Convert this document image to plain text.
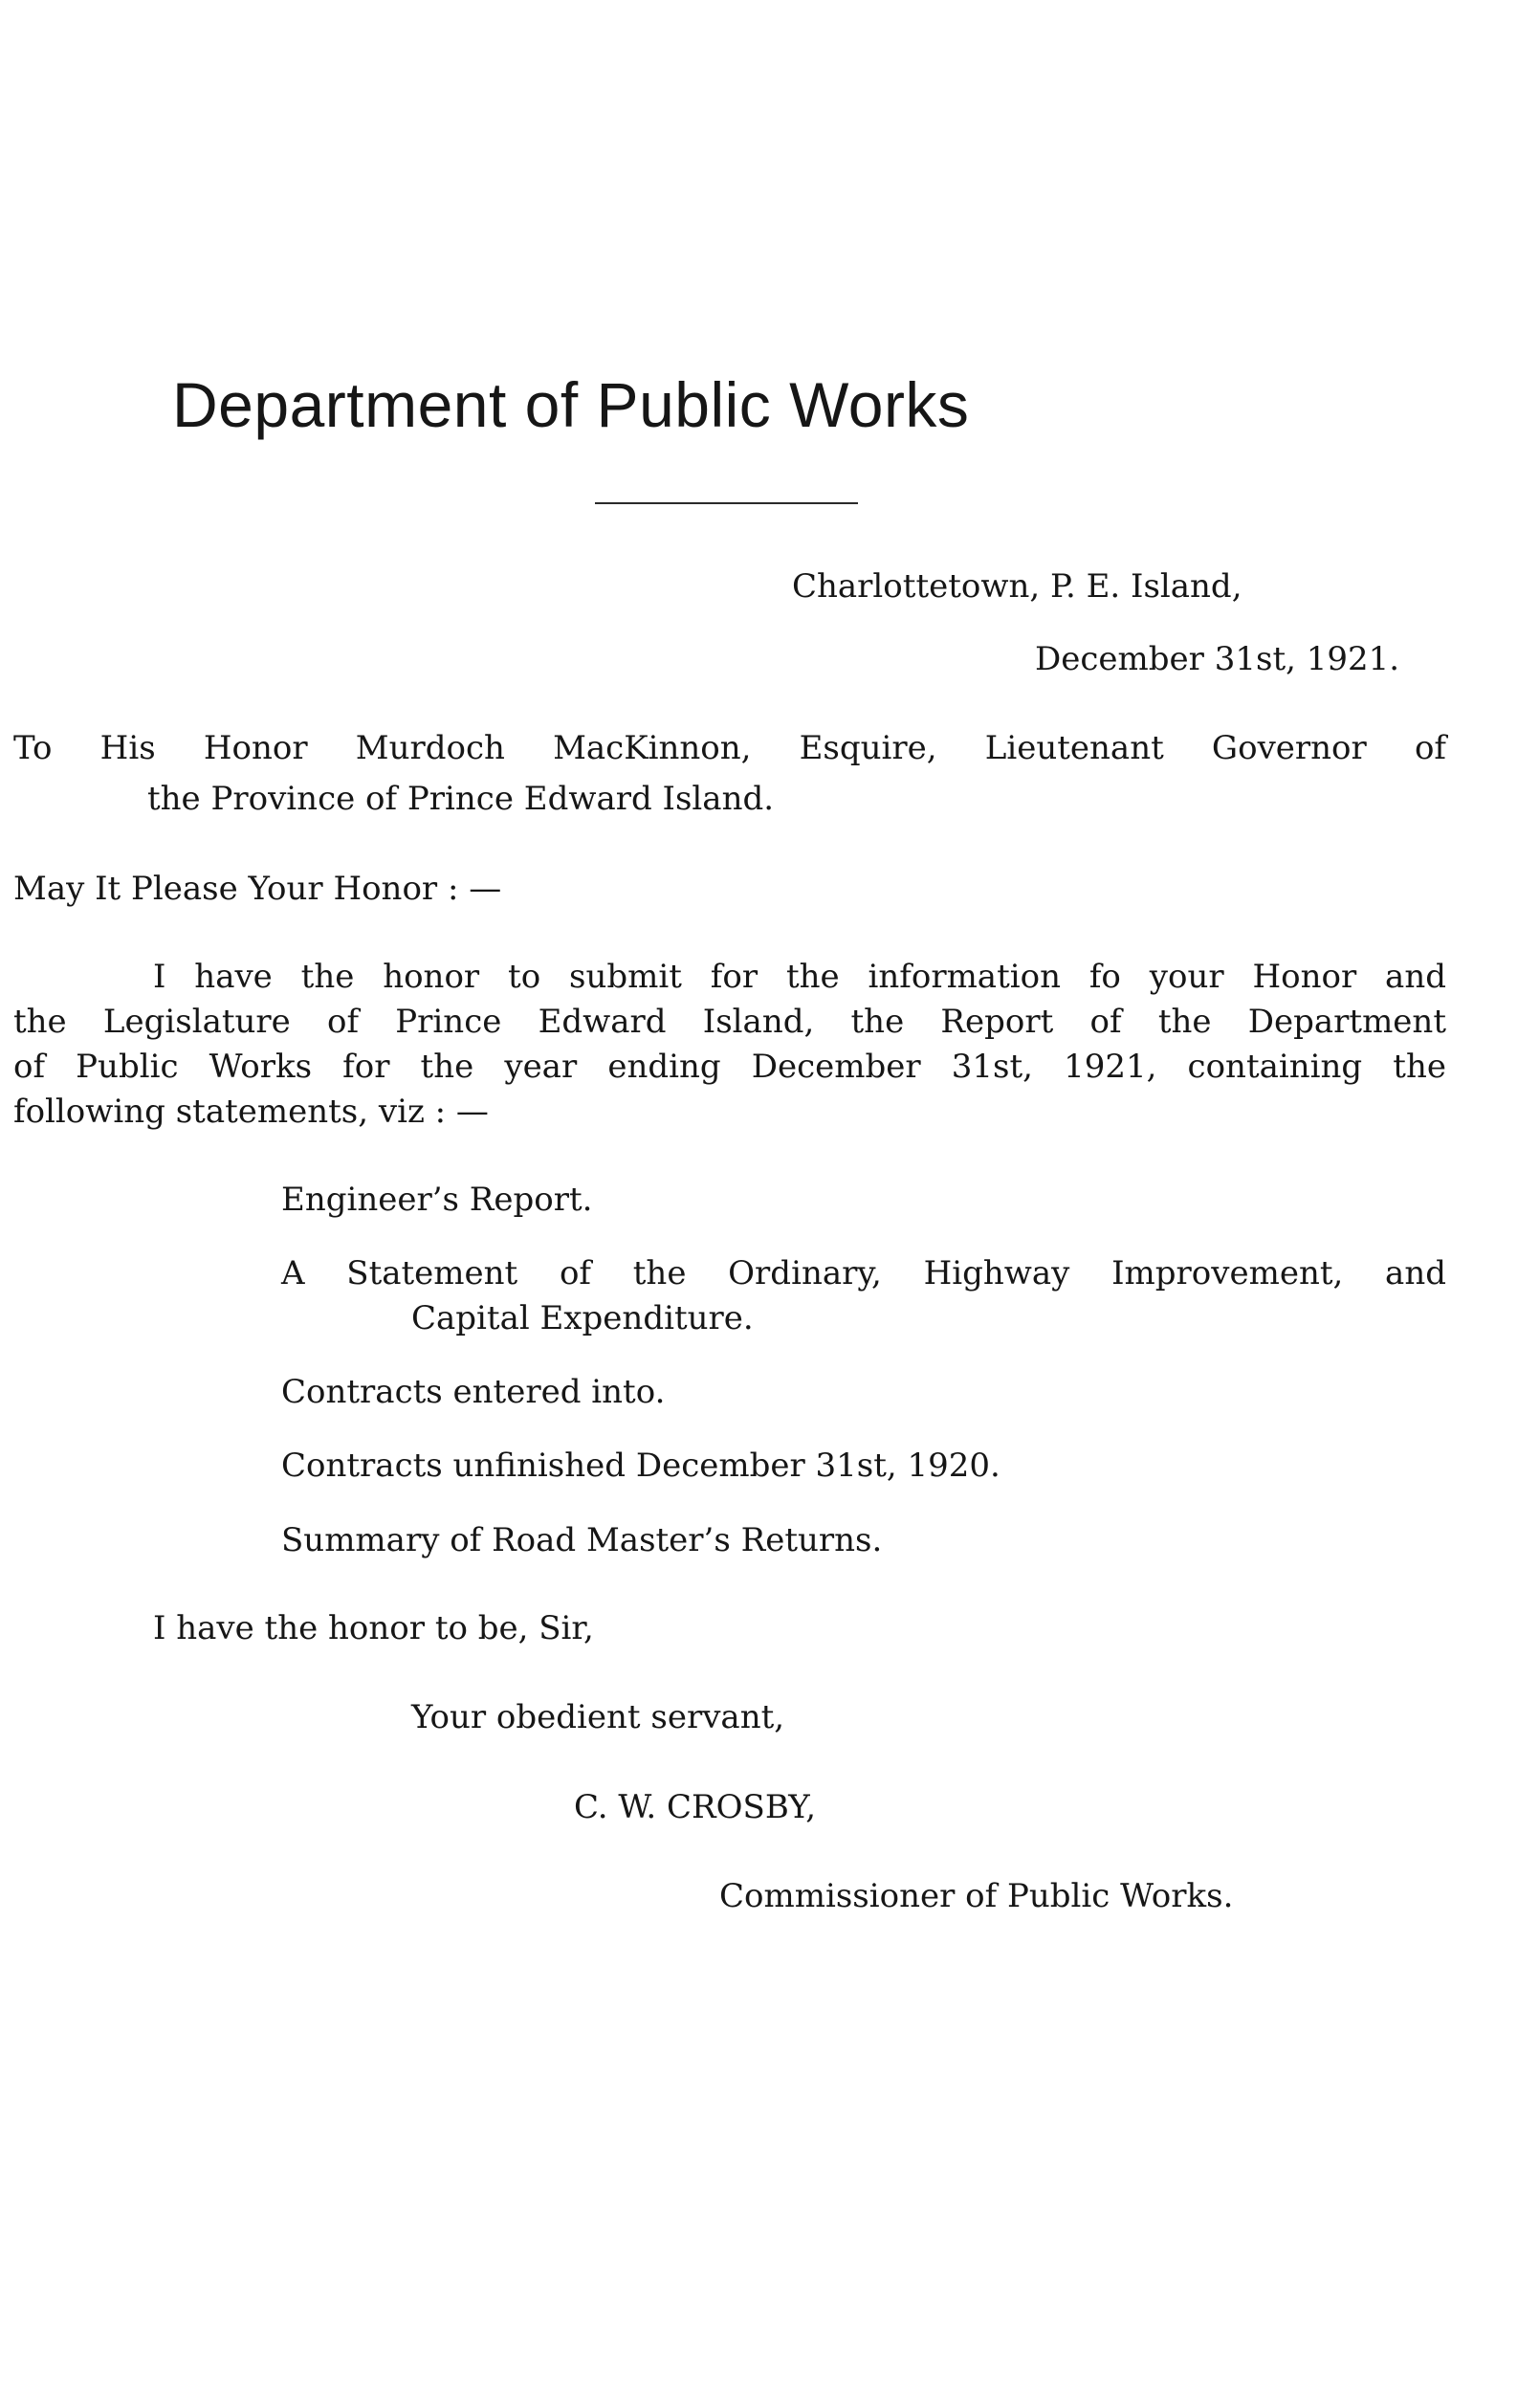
Department of Public Works
Charlottetown, P. E. Island,
December 31st, 1921.
To His Honor Murdoch MacKinnon, Esquire, Lieutenant Governor of
the Province of Prince Edward Island.
May It Please Your Honor : —
I have the honor to submit for the information fo your Honor and
the Legislature of Prince Edward Island, the Report of the Department
of Public Works for the year ending December 31st, 1921, containing the
following statements, viz : —
Engineer’s Report.
A Statement of the Ordinary, Highway Improvement, and
Capital Expenditure.
Contracts entered into.
Contracts unfinished December 31st, 1920.
Summary of Road Master’s Returns.
I have the honor to be, Sir,
Your obedient servant,
C. W. CROSBY,
Commissioner of Public Works.
